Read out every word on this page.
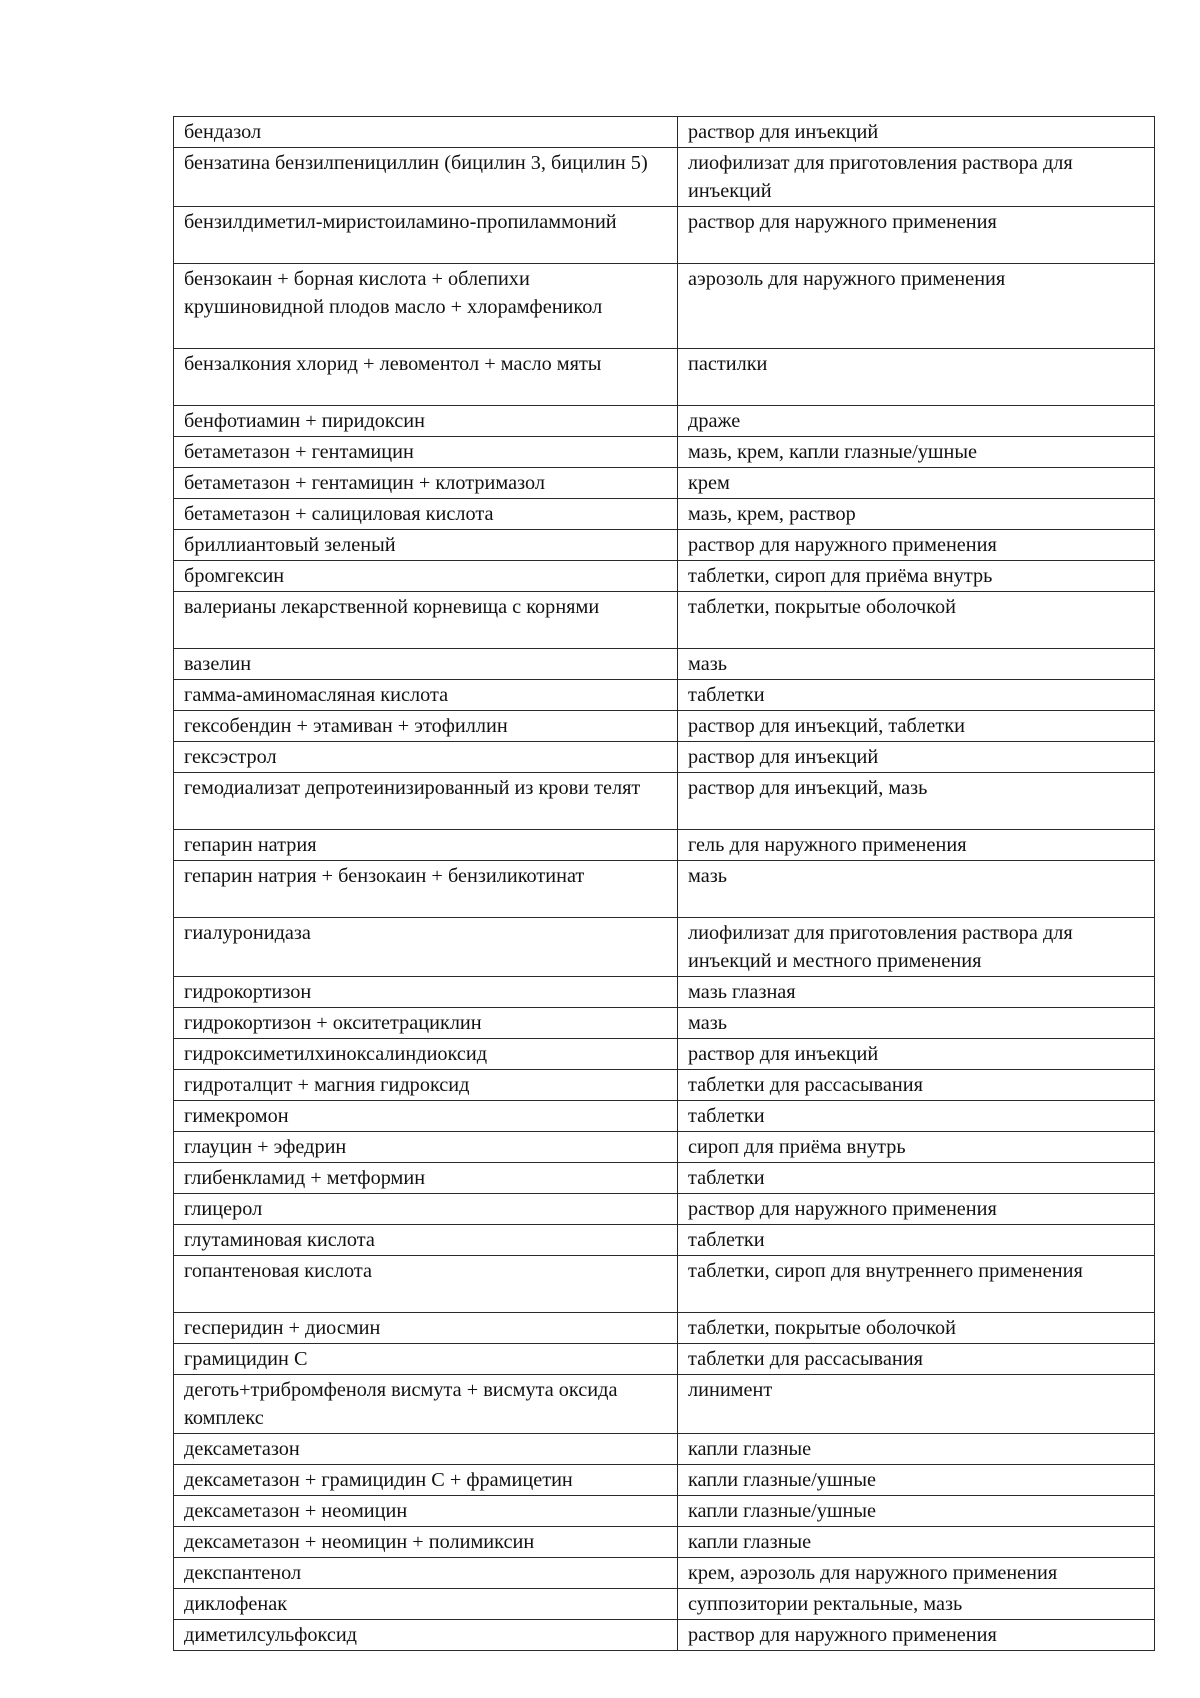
бендазол	раствор для инъекций
бензатина бензилпенициллин (бицилин 3, бицилин 5)	лиофилизат для приготовления раствора для инъекций
бензилдиметил-миристоиламино-пропиламмоний	раствор для наружного применения
бензокаин + борная кислота + облепихи крушиновидной плодов масло + хлорамфеникол	аэрозоль для наружного применения
бензалкония хлорид + левоментол + масло мяты	пастилки
бенфотиамин + пиридоксин	драже
бетаметазон + гентамицин	мазь, крем, капли глазные/ушные
бетаметазон + гентамицин + клотримазол	крем
бетаметазон + салициловая кислота	мазь, крем, раствор
бриллиантовый зеленый	раствор для наружного применения
бромгексин	таблетки, сироп для приёма внутрь
валерианы лекарственной корневища с корнями	таблетки, покрытые оболочкой
вазелин	мазь
гамма-аминомасляная кислота	таблетки
гексобендин + этамиван + этофиллин	раствор для инъекций, таблетки
гексэстрол	раствор для инъекций
гемодиализат депротеинизированный из крови телят	раствор для инъекций, мазь
гепарин натрия	гель для наружного применения
гепарин натрия + бензокаин + бензиликотинат	мазь
гиалуронидаза	лиофилизат для приготовления раствора для инъекций и местного применения
гидрокортизон	мазь глазная
гидрокортизон + окситетрациклин	мазь
гидроксиметилхиноксалиндиоксид	раствор для инъекций
гидроталцит + магния гидроксид	таблетки для рассасывания
гимекромон	таблетки
глауцин + эфедрин	сироп для приёма внутрь
глибенкламид + метформин	таблетки
глицерол	раствор для наружного применения
глутаминовая кислота	таблетки
гопантеновая кислота	таблетки, сироп для внутреннего применения
гесперидин + диосмин	таблетки, покрытые оболочкой
грамицидин С	таблетки для рассасывания
деготь+трибромфеноля висмута + висмута оксида комплекс	линимент
дексаметазон	капли глазные
дексаметазон + грамицидин С + фрамицетин	капли глазные/ушные
дексаметазон + неомицин	капли глазные/ушные
дексаметазон + неомицин + полимиксин	капли глазные
декспантенол	крем, аэрозоль для наружного применения
диклофенак	суппозитории ректальные, мазь
диметилсульфоксид	раствор для наружного применения
